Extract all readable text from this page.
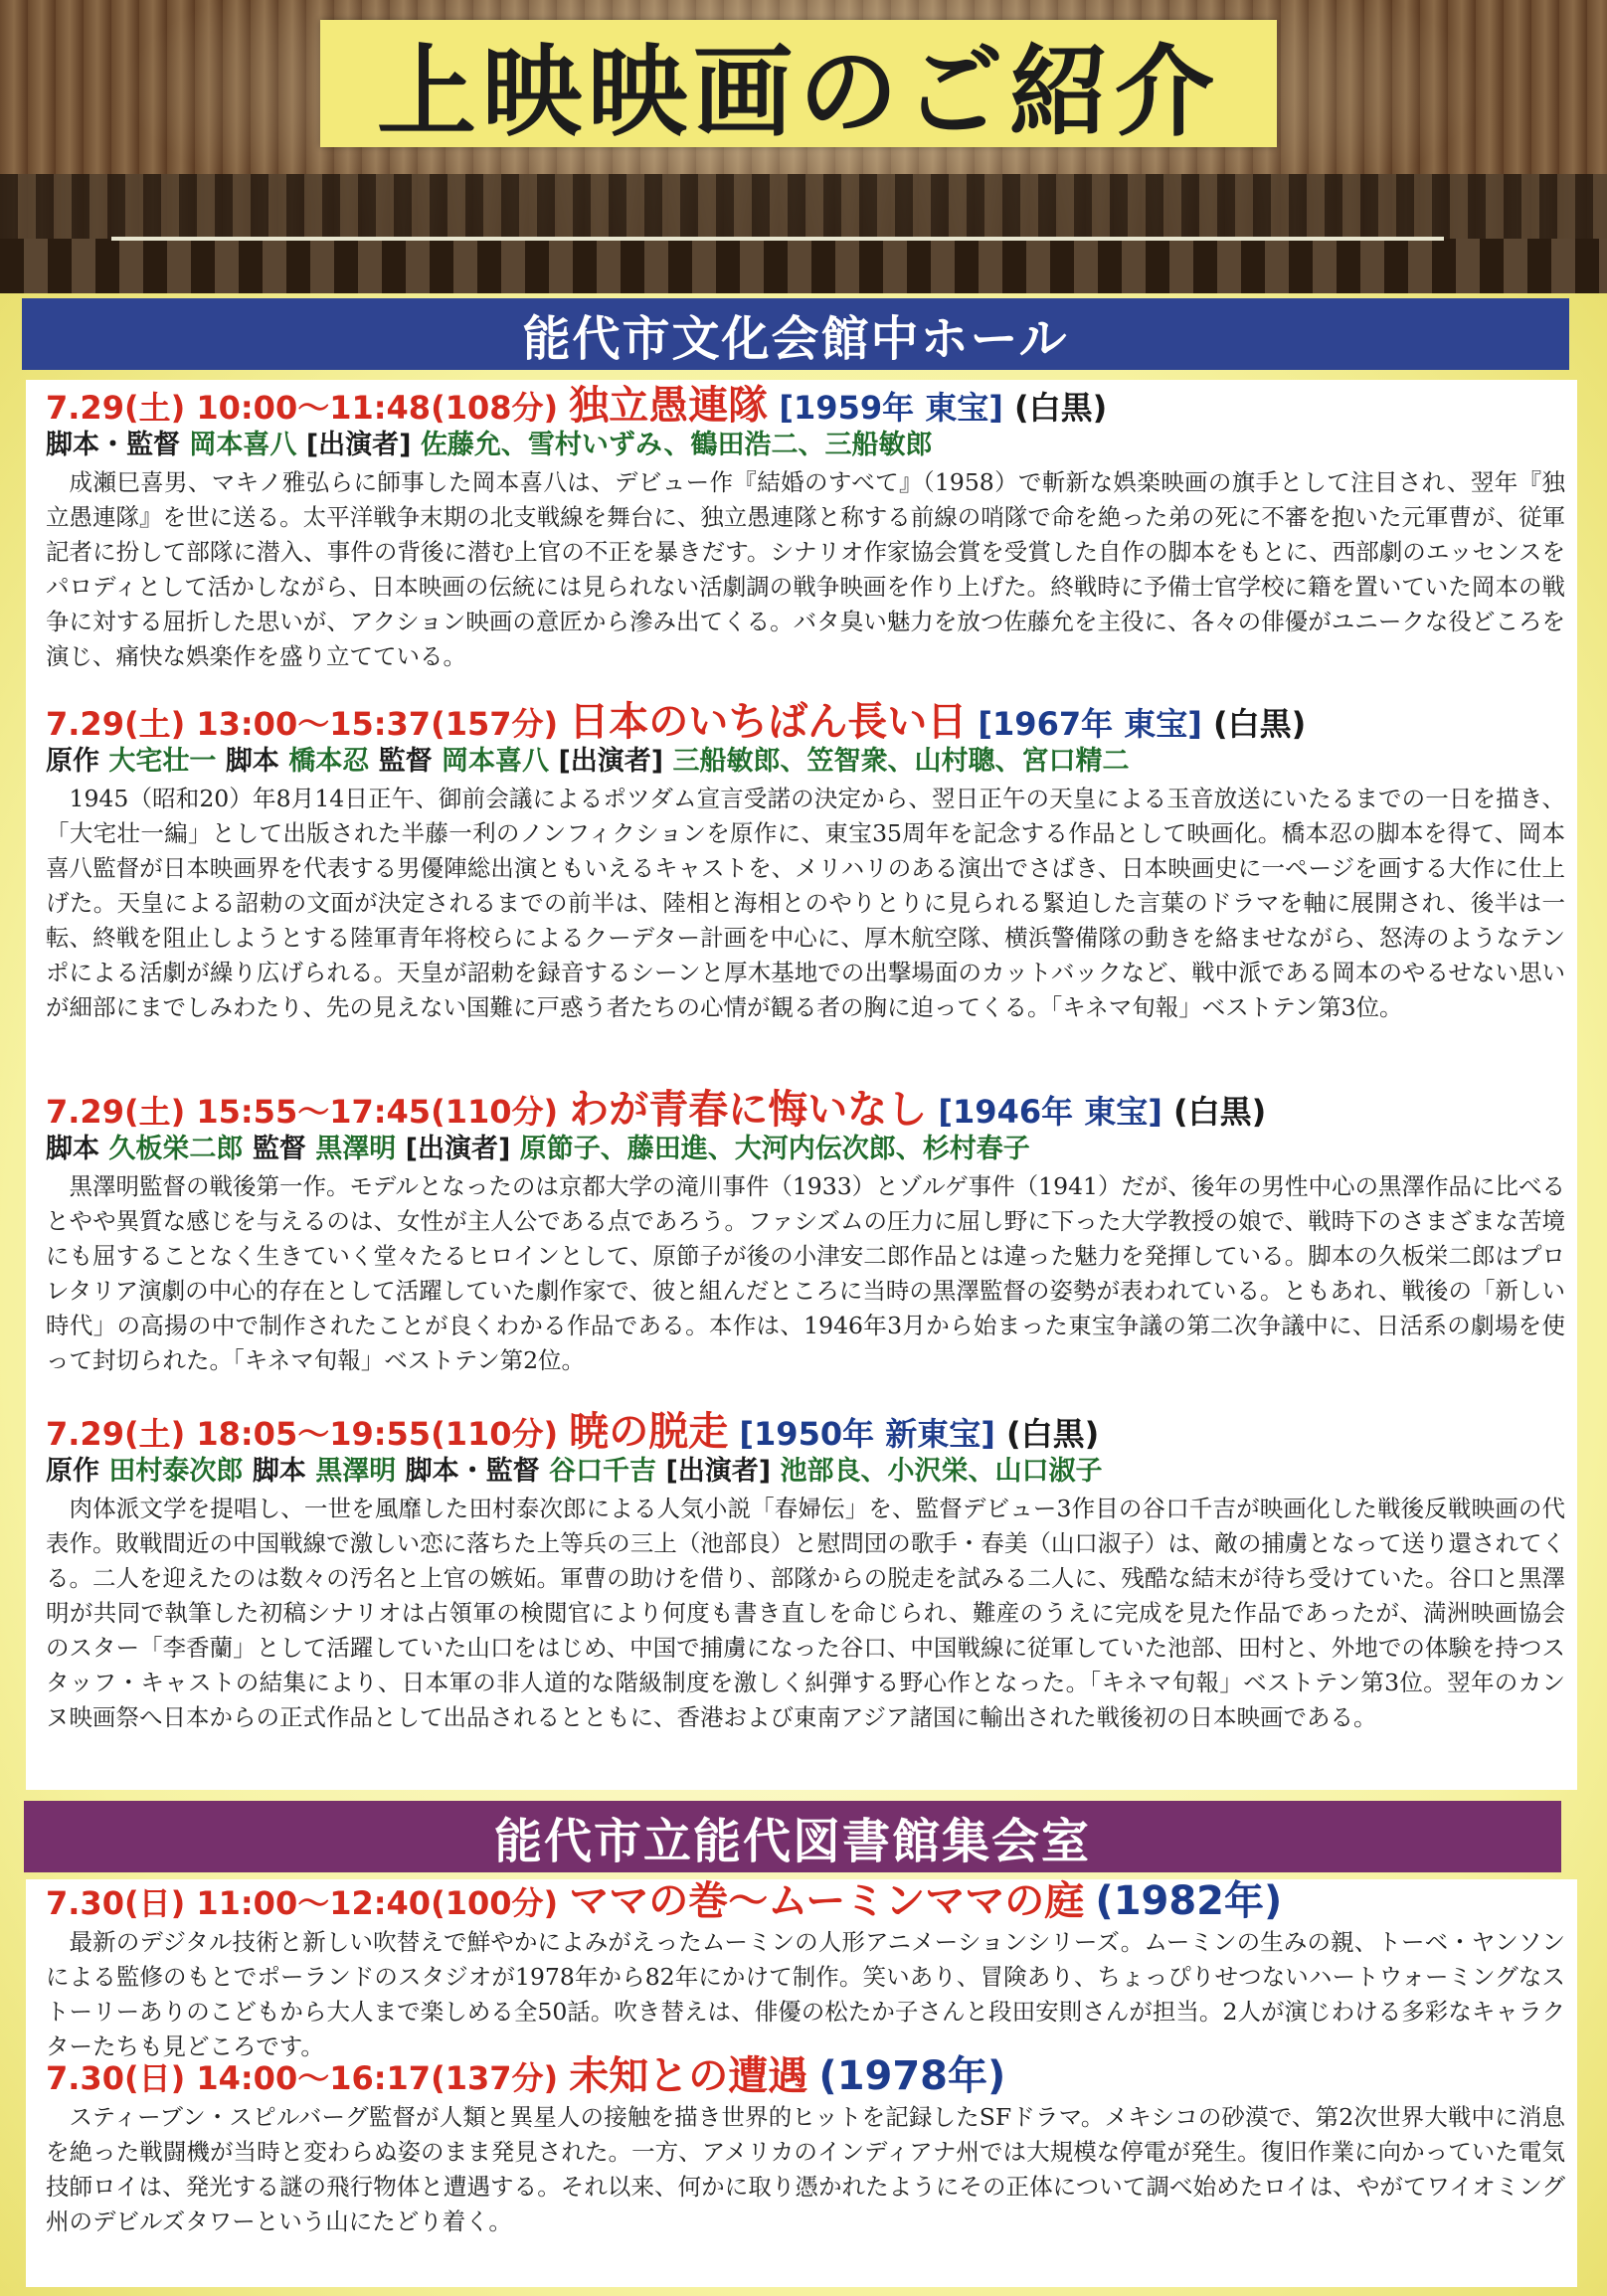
上映映画のご紹介
能代市文化会館中ホール
7.29(土) 10:00〜11:48(108分) 独立愚連隊 [1959年 東宝] (白黒)
脚本・監督 岡本喜八 [出演者] 佐藤允、雪村いずみ、鶴田浩二、三船敏郎

成瀬巳喜男、マキノ雅弘らに師事した岡本喜八は、デビュー作『結婚のすべて』（1958）で斬新な娯楽映画の旗手として注目され、翌年『独立愚連隊』を世に送る。太平洋戦争末期の北支戦線を舞台に、独立愚連隊と称する前線の哨隊で命を絶った弟の死に不審を抱いた元軍曹が、従軍記者に扮して部隊に潜入、事件の背後に潜む上官の不正を暴きだす。シナリオ作家協会賞を受賞した自作の脚本をもとに、西部劇のエッセンスをパロディとして活かしながら、日本映画の伝統には見られない活劇調の戦争映画を作り上げた。終戦時に予備士官学校に籍を置いていた岡本の戦争に対する屈折した思いが、アクション映画の意匠から滲み出てくる。バタ臭い魅力を放つ佐藤允を主役に、各々の俳優がユニークな役どころを演じ、痛快な娯楽作を盛り立てている。

7.29(土) 13:00〜15:37(157分) 日本のいちばん長い日 [1967年 東宝] (白黒)
原作 大宅壮一 脚本 橋本忍 監督 岡本喜八 [出演者] 三船敏郎、笠智衆、山村聰、宮口精二

1945（昭和20）年8月14日正午、御前会議によるポツダム宣言受諾の決定から、翌日正午の天皇による玉音放送にいたるまでの一日を描き、「大宅壮一編」として出版された半藤一利のノンフィクションを原作に、東宝35周年を記念する作品として映画化。橋本忍の脚本を得て、岡本喜八監督が日本映画界を代表する男優陣総出演ともいえるキャストを、メリハリのある演出でさばき、日本映画史に一ページを画する大作に仕上げた。天皇による詔勅の文面が決定されるまでの前半は、陸相と海相とのやりとりに見られる緊迫した言葉のドラマを軸に展開され、後半は一転、終戦を阻止しようとする陸軍青年将校らによるクーデター計画を中心に、厚木航空隊、横浜警備隊の動きを絡ませながら、怒涛のようなテンポによる活劇が繰り広げられる。天皇が詔勅を録音するシーンと厚木基地での出撃場面のカットバックなど、戦中派である岡本のやるせない思いが細部にまでしみわたり、先の見えない国難に戸惑う者たちの心情が観る者の胸に迫ってくる。「キネマ旬報」ベストテン第3位。

7.29(土) 15:55〜17:45(110分) わが青春に悔いなし [1946年 東宝] (白黒)
脚本 久板栄二郎 監督 黒澤明 [出演者] 原節子、藤田進、大河内伝次郎、杉村春子

黒澤明監督の戦後第一作。モデルとなったのは京都大学の滝川事件（1933）とゾルゲ事件（1941）だが、後年の男性中心の黒澤作品に比べるとやや異質な感じを与えるのは、女性が主人公である点であろう。ファシズムの圧力に屈し野に下った大学教授の娘で、戦時下のさまざまな苦境にも屈することなく生きていく堂々たるヒロインとして、原節子が後の小津安二郎作品とは違った魅力を発揮している。脚本の久板栄二郎はプロレタリア演劇の中心的存在として活躍していた劇作家で、彼と組んだところに当時の黒澤監督の姿勢が表われている。ともあれ、戦後の「新しい時代」の高揚の中で制作されたことが良くわかる作品である。本作は、1946年3月から始まった東宝争議の第二次争議中に、日活系の劇場を使って封切られた。「キネマ旬報」ベストテン第2位。

7.29(土) 18:05〜19:55(110分) 暁の脱走 [1950年 新東宝] (白黒)
原作 田村泰次郎 脚本 黒澤明 脚本・監督 谷口千吉 [出演者] 池部良、小沢栄、山口淑子

肉体派文学を提唱し、一世を風靡した田村泰次郎による人気小説「春婦伝」を、監督デビュー3作目の谷口千吉が映画化した戦後反戦映画の代表作。敗戦間近の中国戦線で激しい恋に落ちた上等兵の三上（池部良）と慰問団の歌手・春美（山口淑子）は、敵の捕虜となって送り還されてくる。二人を迎えたのは数々の汚名と上官の嫉妬。軍曹の助けを借り、部隊からの脱走を試みる二人に、残酷な結末が待ち受けていた。谷口と黒澤明が共同で執筆した初稿シナリオは占領軍の検閲官により何度も書き直しを命じられ、難産のうえに完成を見た作品であったが、満洲映画協会のスター「李香蘭」として活躍していた山口をはじめ、中国で捕虜になった谷口、中国戦線に従軍していた池部、田村と、外地での体験を持つスタッフ・キャストの結集により、日本軍の非人道的な階級制度を激しく糾弾する野心作となった。「キネマ旬報」ベストテン第3位。翌年のカンヌ映画祭へ日本からの正式作品として出品されるとともに、香港および東南アジア諸国に輸出された戦後初の日本映画である。

能代市立能代図書館集会室
7.30(日) 11:00〜12:40(100分) ママの巻〜ムーミンママの庭 (1982年)

最新のデジタル技術と新しい吹替えで鮮やかによみがえったムーミンの人形アニメーションシリーズ。ムーミンの生みの親、トーベ・ヤンソンによる監修のもとでポーランドのスタジオが1978年から82年にかけて制作。笑いあり、冒険あり、ちょっぴりせつないハートウォーミングなストーリーありのこどもから大人まで楽しめる全50話。吹き替えは、俳優の松たか子さんと段田安則さんが担当。2人が演じわける多彩なキャラクターたちも見どころです。

7.30(日) 14:00〜16:17(137分) 未知との遭遇 (1978年)

スティーブン・スピルバーグ監督が人類と異星人の接触を描き世界的ヒットを記録したSFドラマ。メキシコの砂漠で、第2次世界大戦中に消息を絶った戦闘機が当時と変わらぬ姿のまま発見された。一方、アメリカのインディアナ州では大規模な停電が発生。復旧作業に向かっていた電気技師ロイは、発光する謎の飛行物体と遭遇する。それ以来、何かに取り憑かれたようにその正体について調べ始めたロイは、やがてワイオミング州のデビルズタワーという山にたどり着く。
